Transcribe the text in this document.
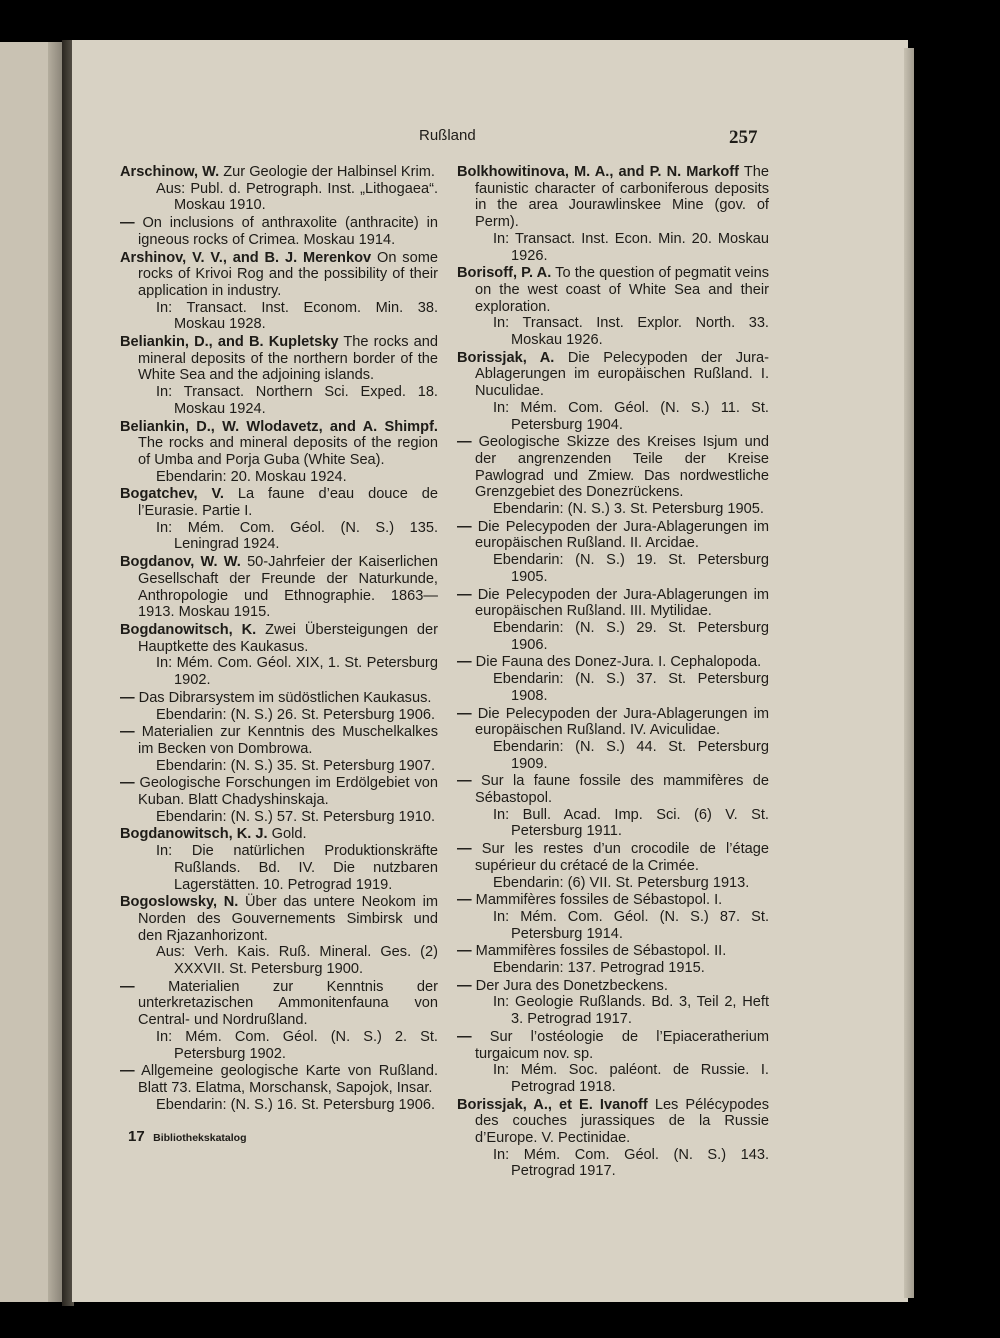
Rußland	257

Arschinow, W. Zur Geologie der Halbinsel Krim.
Aus: Publ. d. Petrograph. Inst. „Lithogaea“. Moskau 1910.

— On inclusions of anthraxolite (anthracite) in igneous rocks of Crimea. Moskau 1914.

Arshinov, V. V., and B. J. Merenkov On some rocks of Krivoi Rog and the possibility of their application in industry.
In: Transact. Inst. Econom. Min. 38. Moskau 1928.

Beliankin, D., and B. Kupletsky The rocks and mineral deposits of the northern border of the White Sea and the adjoining islands.
In: Transact. Northern Sci. Exped. 18. Moskau 1924.

Beliankin, D., W. Wlodavetz, and A. Shimpf. The rocks and mineral deposits of the region of Umba and Porja Guba (White Sea).
Ebendarin: 20. Moskau 1924.

Bogatchev, V. La faune d’eau douce de l’Eurasie. Partie I.
In: Mém. Com. Géol. (N. S.) 135. Leningrad 1924.

Bogdanov, W. W. 50-Jahrfeier der Kaiserlichen Gesellschaft der Freunde der Naturkunde, Anthropologie und Ethnographie. 1863—1913. Moskau 1915.

Bogdanowitsch, K. Zwei Übersteigungen der Hauptkette des Kaukasus.
In: Mém. Com. Géol. XIX, 1. St. Petersburg 1902.

— Das Dibrarsystem im südöstlichen Kaukasus.
Ebendarin: (N. S.) 26. St. Petersburg 1906.

— Materialien zur Kenntnis des Muschelkalkes im Becken von Dombrowa.
Ebendarin: (N. S.) 35. St. Petersburg 1907.

— Geologische Forschungen im Erdölgebiet von Kuban. Blatt Chadyshinskaja.
Ebendarin: (N. S.) 57. St. Petersburg 1910.

Bogdanowitsch, K. J. Gold.
In: Die natürlichen Produktionskräfte Rußlands. Bd. IV. Die nutzbaren Lagerstätten. 10. Petrograd 1919.

Bogoslowsky, N. Über das untere Neokom im Norden des Gouvernements Simbirsk und den Rjazanhorizont.
Aus: Verh. Kais. Ruß. Mineral. Ges. (2) XXXVII. St. Petersburg 1900.

— Materialien zur Kenntnis der unterkretazischen Ammonitenfauna von Central- und Nordrußland.
In: Mém. Com. Géol. (N. S.) 2. St. Petersburg 1902.

— Allgemeine geologische Karte von Rußland. Blatt 73. Elatma, Morschansk, Sapojok, Insar.
Ebendarin: (N. S.) 16. St. Petersburg 1906.

Bolkhowitinova, M. A., and P. N. Markoff The faunistic character of carboniferous deposits in the area Jourawlinskee Mine (gov. of Perm).
In: Transact. Inst. Econ. Min. 20. Moskau 1926.

Borisoff, P. A. To the question of pegmatit veins on the west coast of White Sea and their exploration.
In: Transact. Inst. Explor. North. 33. Moskau 1926.

Borissjak, A. Die Pelecypoden der Jura-Ablagerungen im europäischen Rußland. I. Nuculidae.
In: Mém. Com. Géol. (N. S.) 11. St. Petersburg 1904.

— Geologische Skizze des Kreises Isjum und der angrenzenden Teile der Kreise Pawlograd und Zmiew. Das nordwestliche Grenzgebiet des Donezrückens.
Ebendarin: (N. S.) 3. St. Petersburg 1905.

— Die Pelecypoden der Jura-Ablagerungen im europäischen Rußland. II. Arcidae.
Ebendarin: (N. S.) 19. St. Petersburg 1905.

— Die Pelecypoden der Jura-Ablagerungen im europäischen Rußland. III. Mytilidae.
Ebendarin: (N. S.) 29. St. Petersburg 1906.

— Die Fauna des Donez-Jura. I. Cephalopoda.
Ebendarin: (N. S.) 37. St. Petersburg 1908.

— Die Pelecypoden der Jura-Ablagerungen im europäischen Rußland. IV. Aviculidae.
Ebendarin: (N. S.) 44. St. Petersburg 1909.

— Sur la faune fossile des mammifères de Sébastopol.
In: Bull. Acad. Imp. Sci. (6) V. St. Petersburg 1911.

— Sur les restes d’un crocodile de l’étage supérieur du crétacé de la Crimée.
Ebendarin: (6) VII. St. Petersburg 1913.

— Mammifères fossiles de Sébastopol. I.
In: Mém. Com. Géol. (N. S.) 87. St. Petersburg 1914.

— Mammifères fossiles de Sébastopol. II.
Ebendarin: 137. Petrograd 1915.

— Der Jura des Donetzbeckens.
In: Geologie Rußlands. Bd. 3, Teil 2, Heft 3. Petrograd 1917.

— Sur l’ostéologie de l’Epiaceratherium turgaicum nov. sp.
In: Mém. Soc. paléont. de Russie. I. Petrograd 1918.

Borissjak, A., et E. Ivanoff Les Pélécypodes des couches jurassiques de la Russie d’Europe. V. Pectinidae.
In: Mém. Com. Géol. (N. S.) 143. Petrograd 1917.

17 Bibliothekskatalog
